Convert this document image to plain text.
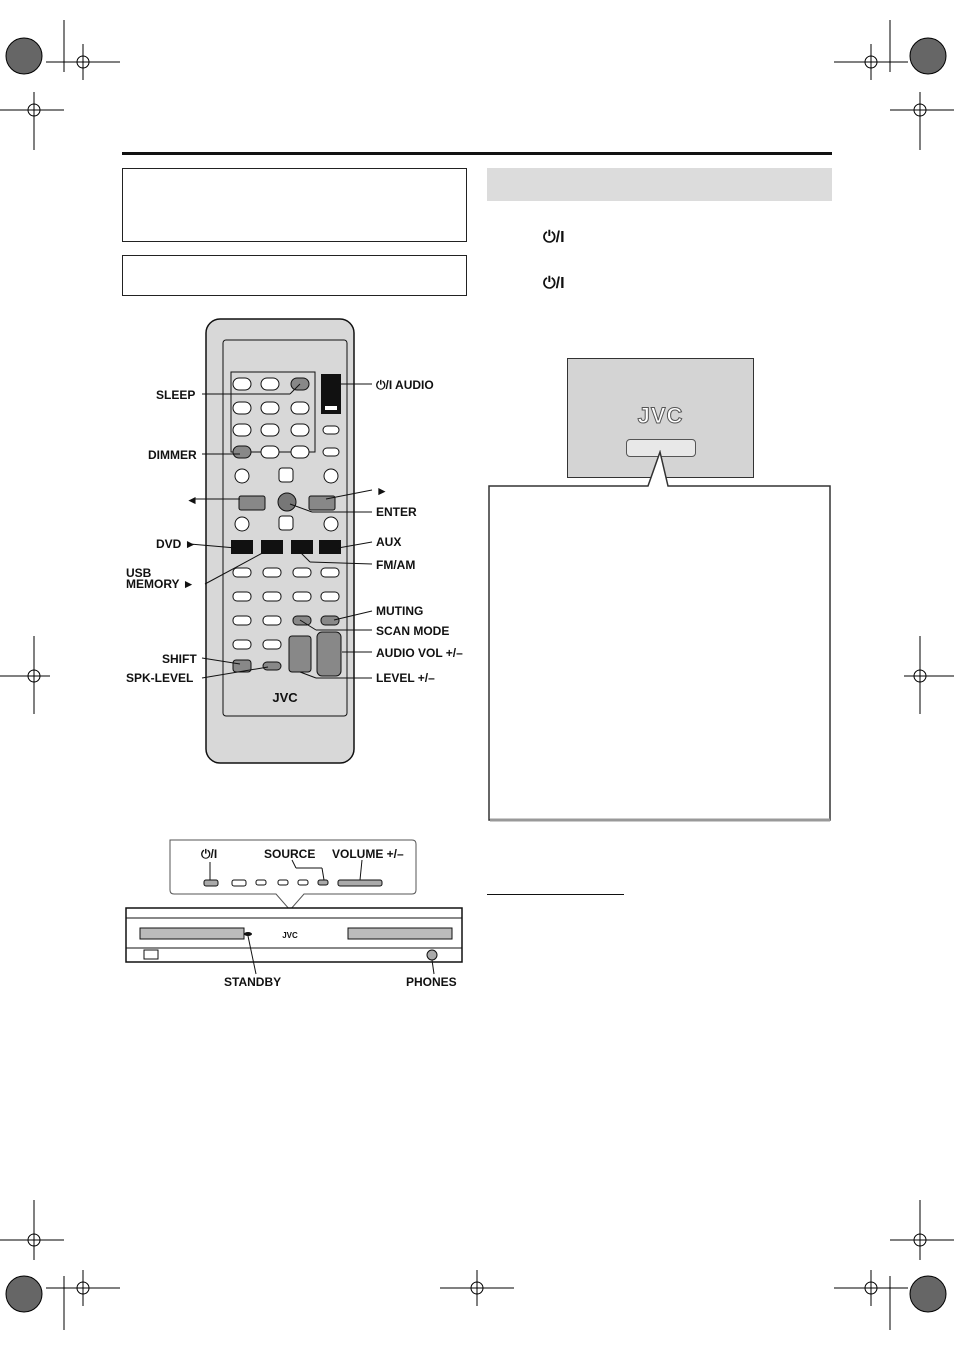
⏻/I
⏻/I
JVC
JVC
SLEEP
DIMMER
◄
DVD ►
USB
MEMORY ►
SHIFT
SPK-LEVEL
⏻/I AUDIO
►
ENTER
AUX
FM/AM
MUTING
SCAN MODE
AUDIO VOL +/–
LEVEL +/–
JVC
⏻/I	SOURCE VOLUME +/–
STANDBY	PHONES
